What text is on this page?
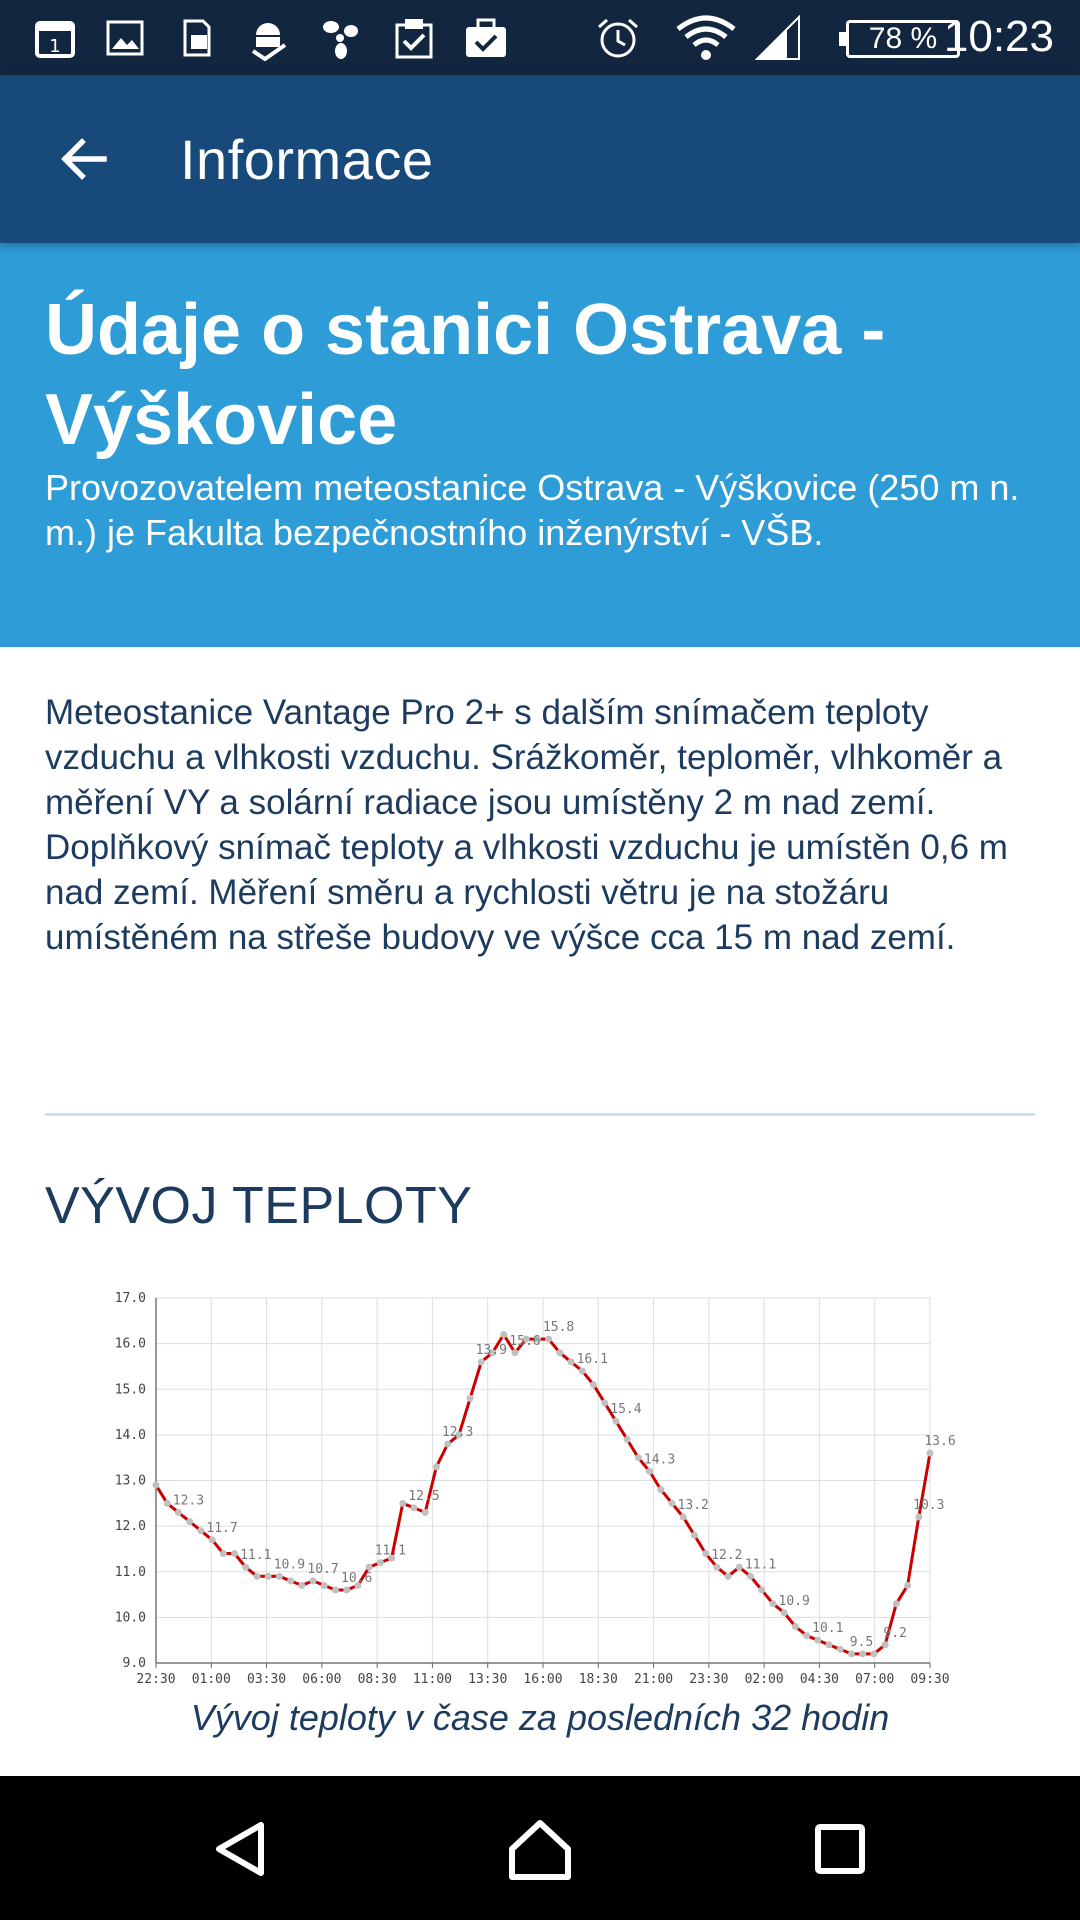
1	78 % 10:23
Informace
Údaje o stanici Ostrava - Výškovice
Provozovatelem meteostanice Ostrava - Výškovice (250 m n. m.) je Fakulta bezpečnostního inženýrství - VŠB.
Meteostanice Vantage Pro 2+ s dalším snímačem teploty vzduchu a vlhkosti vzduchu. Srážkoměr, teploměr, vlhkoměr a měření VY a solární radiace jsou umístěny 2 m nad zemí. Doplňkový snímač teploty a vlhkosti vzduchu je umístěn 0,6 m nad zemí. Měření směru a rychlosti větru je na stožáru umístěném na střeše budovy ve výšce cca 15 m nad zemí.
VÝVOJ TEPLOTY
9.0
10.0
11.0
12.0
13.0
14.0
15.0
16.0
17.0
22:30 01:00 03:30 06:00 08:30 11:00 13:30 16:00 18:30 21:00 23:30 02:00 04:30 07:00 09:30
12.3
11.7
11.1
10.9 10.7
10.6
11.1
12.5
12.3
13.9
15.6
15.8
16.1
15.4
14.3
13.2
12.2
11.1
10.9
10.1
9.5
9.2
10.3
13.6
Vývoj teploty v čase za posledních 32 hodin
